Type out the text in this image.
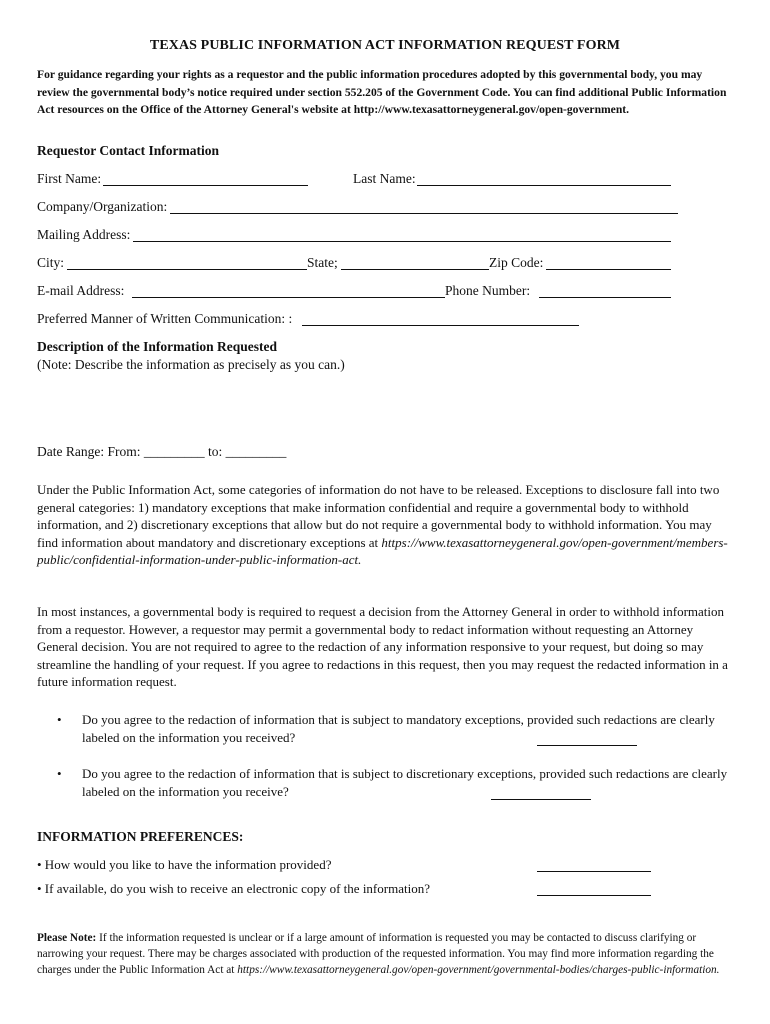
TEXAS PUBLIC INFORMATION ACT INFORMATION REQUEST FORM
For guidance regarding your rights as a requestor and the public information procedures adopted by this governmental body, you may review the governmental body’s notice required under section 552.205 of the Government Code. You can find additional Public Information Act resources on the Office of the Attorney General's website at http://www.texasattorneygeneral.gov/open-government.
Requestor Contact Information
First Name:	Last Name:
Company/Organization:
Mailing Address:
City:	State;	Zip Code:
E-mail Address:	Phone Number:
Preferred Manner of Written Communication: :
Description of the Information Requested
(Note: Describe the information as precisely as you can.)
Date Range: From: _________ to: _________
Under the Public Information Act, some categories of information do not have to be released. Exceptions to disclosure fall into two general categories: 1) mandatory exceptions that make information confidential and require a governmental body to withhold information, and 2) discretionary exceptions that allow but do not require a governmental body to withhold information. You may find information about mandatory and discretionary exceptions at https://www.texasattorneygeneral.gov/open-government/members-public/confidential-information-under-public-information-act.
In most instances, a governmental body is required to request a decision from the Attorney General in order to withhold information from a requestor. However, a requestor may permit a governmental body to redact information without requesting an Attorney General decision. You are not required to agree to the redaction of any information responsive to your request, but doing so may streamline the handling of your request. If you agree to redactions in this request, then you may request the redacted information in a future information request.
• Do you agree to the redaction of information that is subject to mandatory exceptions, provided such redactions are clearly labeled on the information you received?
• Do you agree to the redaction of information that is subject to discretionary exceptions, provided such redactions are clearly labeled on the information you receive?
INFORMATION PREFERENCES:
• How would you like to have the information provided?
• If available, do you wish to receive an electronic copy of the information?
Please Note: If the information requested is unclear or if a large amount of information is requested you may be contacted to discuss clarifying or narrowing your request. There may be charges associated with production of the requested information. You may find more information regarding the charges under the Public Information Act at https://www.texasattorneygeneral.gov/open-government/governmental-bodies/charges-public-information.
